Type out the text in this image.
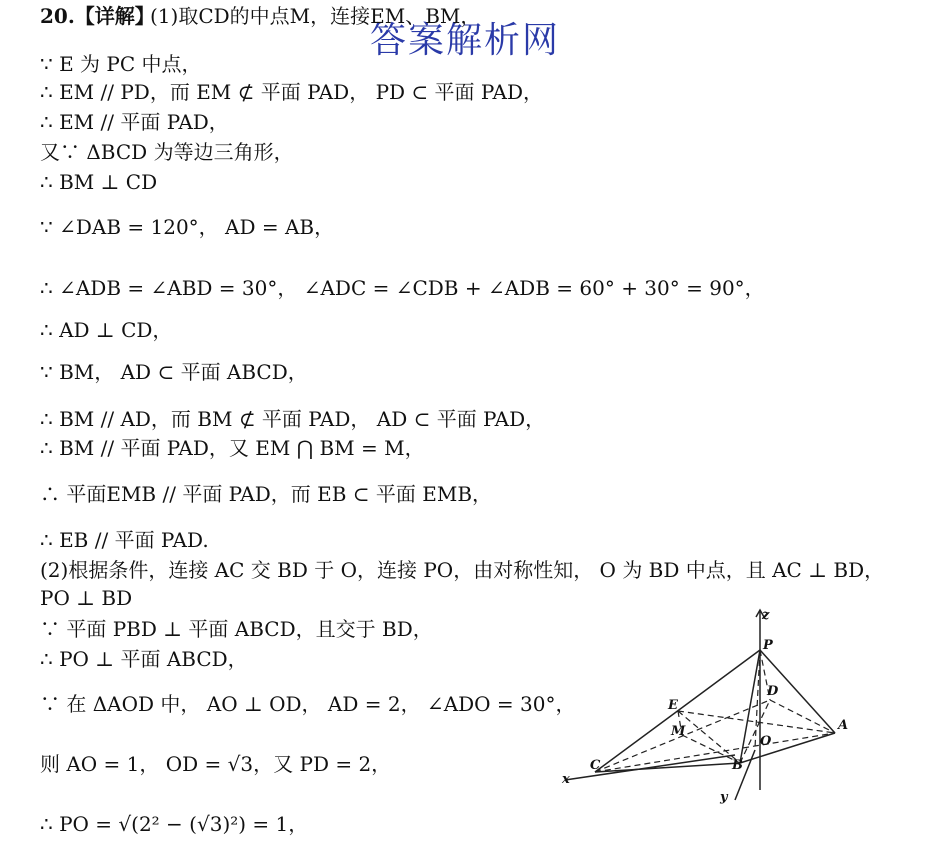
答案解析网
20.【详解】
(1)取CD的中点M，连接EM、BM，
∵ E 为 PC 中点，
∴ EM // PD，而 EM ⊄ 平面 PAD， PD ⊂ 平面 PAD，
∴ EM // 平面 PAD，
又∵ ΔBCD 为等边三角形，
∴ BM ⊥ CD
∵ ∠DAB = 120°， AD = AB，
∴ ∠ADB = ∠ABD = 30°， ∠ADC = ∠CDB + ∠ADB = 60° + 30° = 90°，
∴ AD ⊥ CD，
∵ BM， AD ⊂ 平面 ABCD，
∴ BM // AD，而 BM ⊄ 平面 PAD， AD ⊂ 平面 PAD，
∴ BM // 平面 PAD，又 EM ⋂ BM = M，
∴ 平面EMB // 平面 PAD，而 EB ⊂ 平面 EMB，
∴ EB // 平面 PAD.
(2)根据条件，连接 AC 交 BD 于 O，连接 PO，由对称性知， O 为 BD 中点，且 AC ⊥ BD，
PO ⊥ BD
∵ 平面 PBD ⊥ 平面 ABCD，且交于 BD，
∴ PO ⊥ 平面 ABCD，
∵ 在 ΔAOD 中， AO ⊥ OD， AD = 2， ∠ADO = 30°，
则 AO = 1， OD = √3，又 PD = 2，
∴ PO = √(2² − (√3)²) = 1，
z
P
E
M
D
A
O
C	B
x
y
